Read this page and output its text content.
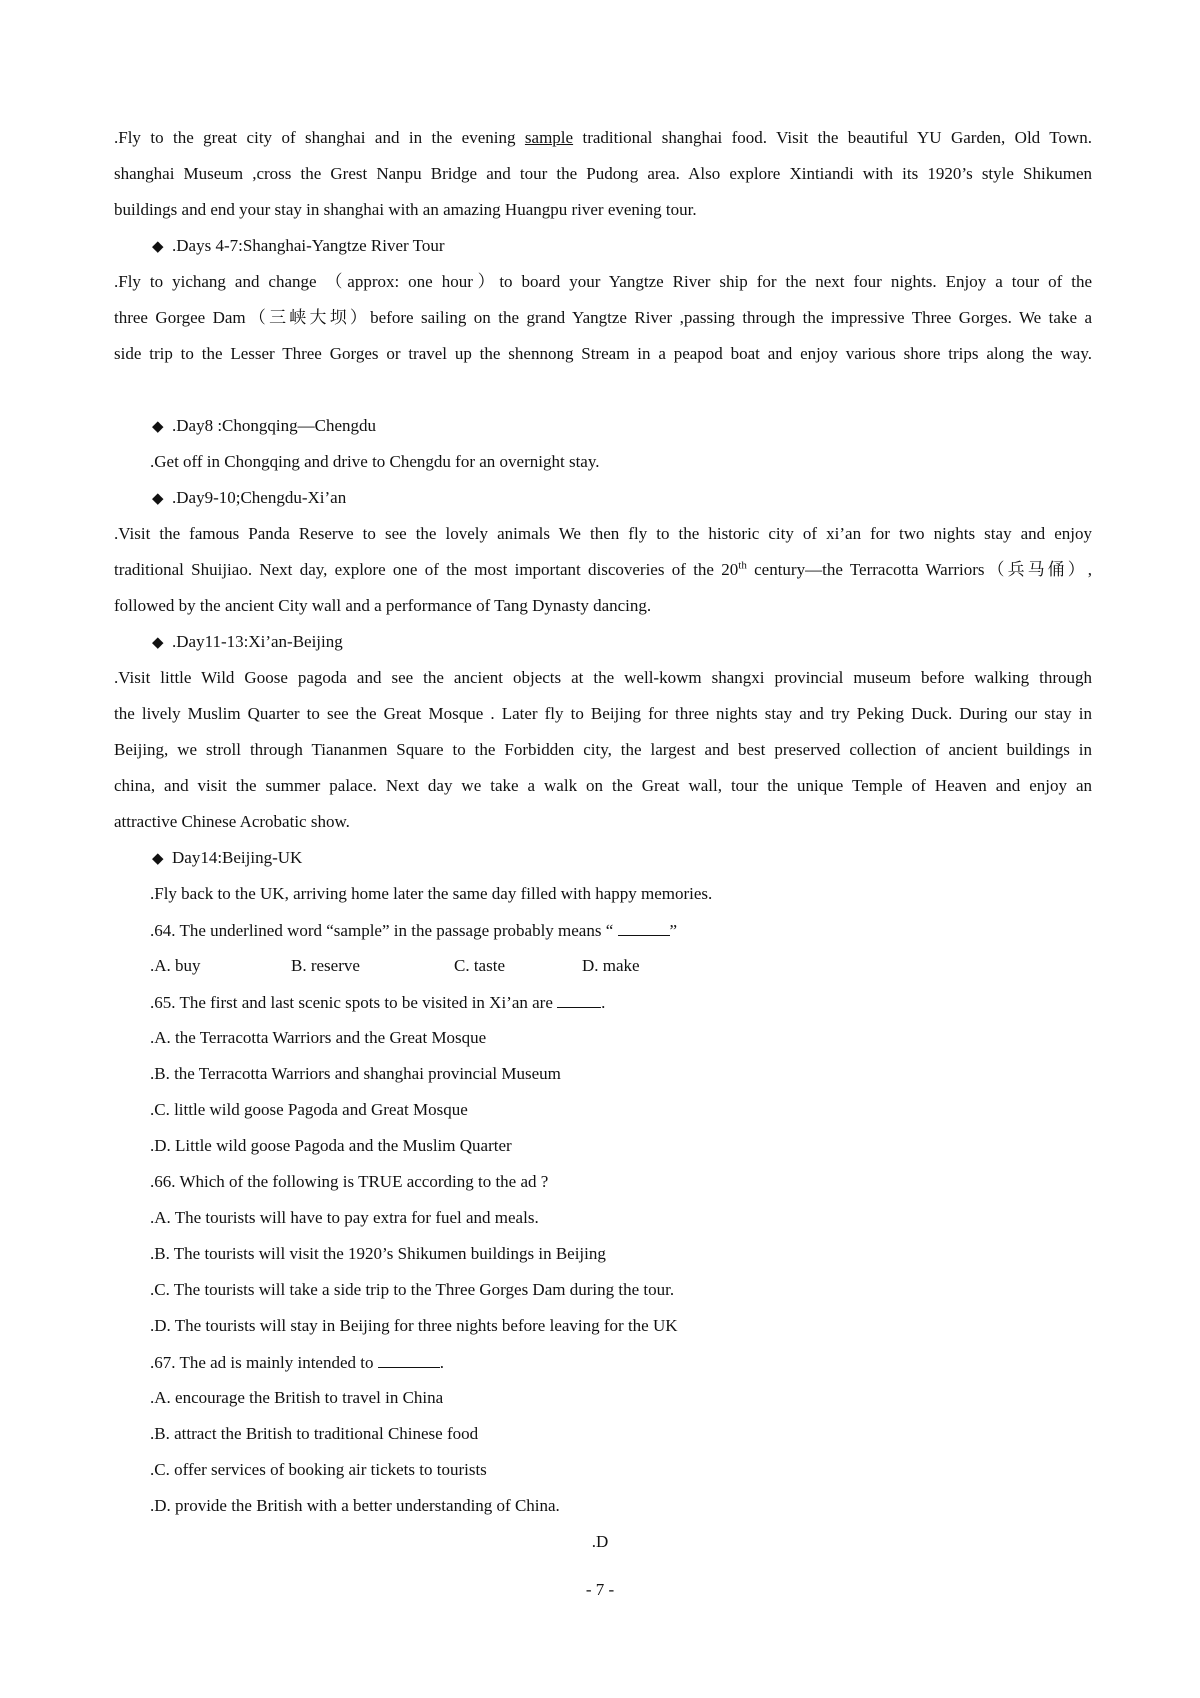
.Fly to the great city of shanghai and in the evening sample traditional shanghai food. Visit the beautiful YU Garden, Old Town.
shanghai Museum ,cross the Grest Nanpu Bridge and tour the Pudong area. Also explore Xintiandi with its 1920’s style Shikumen
buildings and end your stay in shanghai with an amazing Huangpu river evening tour.
◆ .Days 4-7:Shanghai-Yangtze River Tour
.Fly to yichang and change （approx: one hour）to board your Yangtze River ship for the next four nights. Enjoy a tour of the
three Gorgee Dam（三峡大坝）before sailing on the grand Yangtze River ,passing through the impressive Three Gorges. We take a
side trip to the Lesser Three Gorges or travel up the shennong Stream in a peapod boat and enjoy various shore trips along the way.
◆ .Day8 :Chongqing—Chengdu
.Get off in Chongqing and drive to Chengdu for an overnight stay.
◆ .Day9-10;Chengdu-Xi’an
.Visit the famous Panda Reserve to see the lovely animals We then fly to the historic city of xi’an for two nights stay and enjoy
traditional Shuijiao. Next day, explore one of the most important discoveries of the 20th century—the Terracotta Warriors（兵马俑）,
followed by the ancient City wall and a performance of Tang Dynasty dancing.
◆ .Day11-13:Xi’an-Beijing
.Visit little Wild Goose pagoda and see the ancient objects at the well-kowm shangxi provincial museum before walking through
the lively Muslim Quarter to see the Great Mosque . Later fly to Beijing for three nights stay and try Peking Duck. During our stay in
Beijing, we stroll through Tiananmen Square to the Forbidden city, the largest and best preserved collection of ancient buildings in
china, and visit the summer palace. Next day we take a walk on the Great wall, tour the unique Temple of Heaven and enjoy an
attractive Chinese Acrobatic show.
◆ Day14:Beijing-UK
.Fly back to the UK, arriving home later the same day filled with happy memories.
.64. The underlined word “sample” in the passage probably means “	”
.A. buy	B. reserve	C. taste	D. make
.65. The first and last scenic spots to be visited in Xi’an are	.
.A. the Terracotta Warriors and the Great Mosque
.B. the Terracotta Warriors and shanghai provincial Museum
.C. little wild goose Pagoda and Great Mosque
.D. Little wild goose Pagoda and the Muslim Quarter
.66. Which of the following is TRUE according to the ad ?
.A. The tourists will have to pay extra for fuel and meals.
.B. The tourists will visit the 1920’s Shikumen buildings in Beijing
.C. The tourists will take a side trip to the Three Gorges Dam during the tour.
.D. The tourists will stay in Beijing for three nights before leaving for the UK
.67. The ad is mainly intended to	.
.A. encourage the British to travel in China
.B. attract the British to traditional Chinese food
.C. offer services of booking air tickets to tourists
.D. provide the British with a better understanding of China.
.D
- 7 -
